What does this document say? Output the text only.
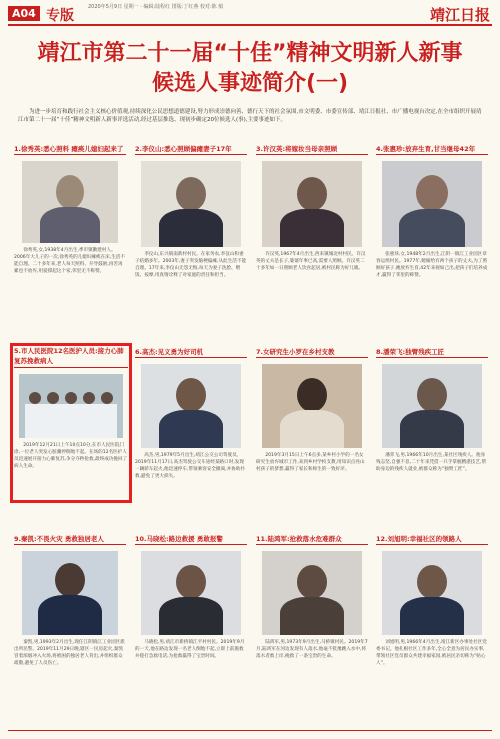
A04 专版
2020年5月9日 星期一 · 编辑:陆程红 排版:丁红燕 校对:陈 船	靖江日报
靖江市第二十一届“十佳”精神文明新人新事
候选人事迹简介(一)
为进一步培育和践行社会主义核心价值观,持续深化公民思想道德建设,努力形成崇德向善、德行天下的社会氛围,市文明委、市委宣传部、靖江日报社、市广播电视台决定,在全市组织开展靖江市第二十一届“十佳”精神文明新人新事评选活动,经过基层推选、现初步确定20位候选人(事),主要事迹如下。
1.徐秀英:悉心照料 瘫痪儿媳妇起来了
徐秀英,女,1938年4月出生,季市镇勤建村人。2006年大儿子的一次,徐秀英的儿媳妇瘫痪在床,生活不能自理。二十多年来,老人每天照料、开导鼓励,再苦再累也不放弃,用爱撑起这个家,邻里无不称赞。
2.李仪山:悉心照顾偏瘫妻子17年
李仪山,东兴镇南新村村民。在家务农,李仪山和妻子结婚多年。2003年,妻子突发脑梗偏瘫,从此生活不能自理。17年来,李仪山无怨无悔,每天为妻子洗脸、喂饭、按摩,用真情诠释了对家庭的责任和担当。
3.许汉英:将嫁妆当母亲照顾
许汉英,1967年4月出生,西来镇城北村村民。许汉英的丈夫是长子,婆婆年事已高,需要人照顾。许汉英二十多年如一日照顾老人饮食起居,被村民称为好儿媳。
4.张惠珍:放弃生育,甘当继母42年
张惠珍,女,1948年2月出生,江阴一镇江工业园区章春运组村民。1977年,她嫁给有两个孩子的丈夫,为了照顾好孩子,她放弃生育,42年来视如己出,把孩子们培养成才,赢得了邻里的称赞。
5.市人民医院12名医护人员:接力心肺复苏挽救病人
2019年12月21日上午10点10分,在市人民医院门诊,一位老人突发心脏骤停倒地不起。在场的12名医护人员迅速展开接力心肺复苏,争分夺秒抢救,最终成功挽回了病人生命。
6.高杰:见义勇为好司机
高杰,男,1979年5月出生,靖江公交公司驾驶员。2019年11月17日,高杰驾驶公交车途经某路口时,发现一辆轿车起火,他迅速停车,带领乘客安全撤离,并协助扑救,避免了更大损失。
7.女研究生小罗在乡村支教
2019年3月15日上午6点多,某乡村小学的一名女研究生放弃城市工作,来到乡村学校支教,用知识点亮山村孩子的梦想,赢得了家长和师生的一致好评。
8.潘荣飞:独臂残疾工匠
潘荣飞,男,1966年10月出生,某社区残疾人。他身残志坚,自强不息,二十年来凭借一只手掌握精湛技艺,帮助身边的残疾人就业,被群众称为“独臂工匠”。
9.秦凯:不畏火灾 勇救独居老人
秦凯,男,1993年2月出生,现任江阴镇江工业园区派出所民警。2019年11月29日晚,辖区一民房起火,秦凯冒着浓烟冲入火场,将被困的独居老人背出,并组织群众疏散,避免了人员伤亡。
10.马晓松:路边救援 勇敢报警
马晓松,男,靖江市新桥镇江平村村民。2019年9月的一天,他在路边发现一名老人倒地不起,立即上前施救并拨打急救电话,为抢救赢得了宝贵时间。
11.陆鸿军:抢救落水危难群众
陆鸿军,男,1973年9月出生,马桥镇村民。2019年7月,陆鸿军在河边发现有人落水,他毫不犹豫跳入水中,将落水者救上岸,挽救了一条宝贵的生命。
12.刘旭明:幸福社区的领路人
刘旭明,男,1966年4月出生,靖江新区办事处社区党委书记。他扎根社区工作多年,全心全意为居民办实事,带领社区党员群众共建幸福家园,被居民亲切称为“贴心人”。
